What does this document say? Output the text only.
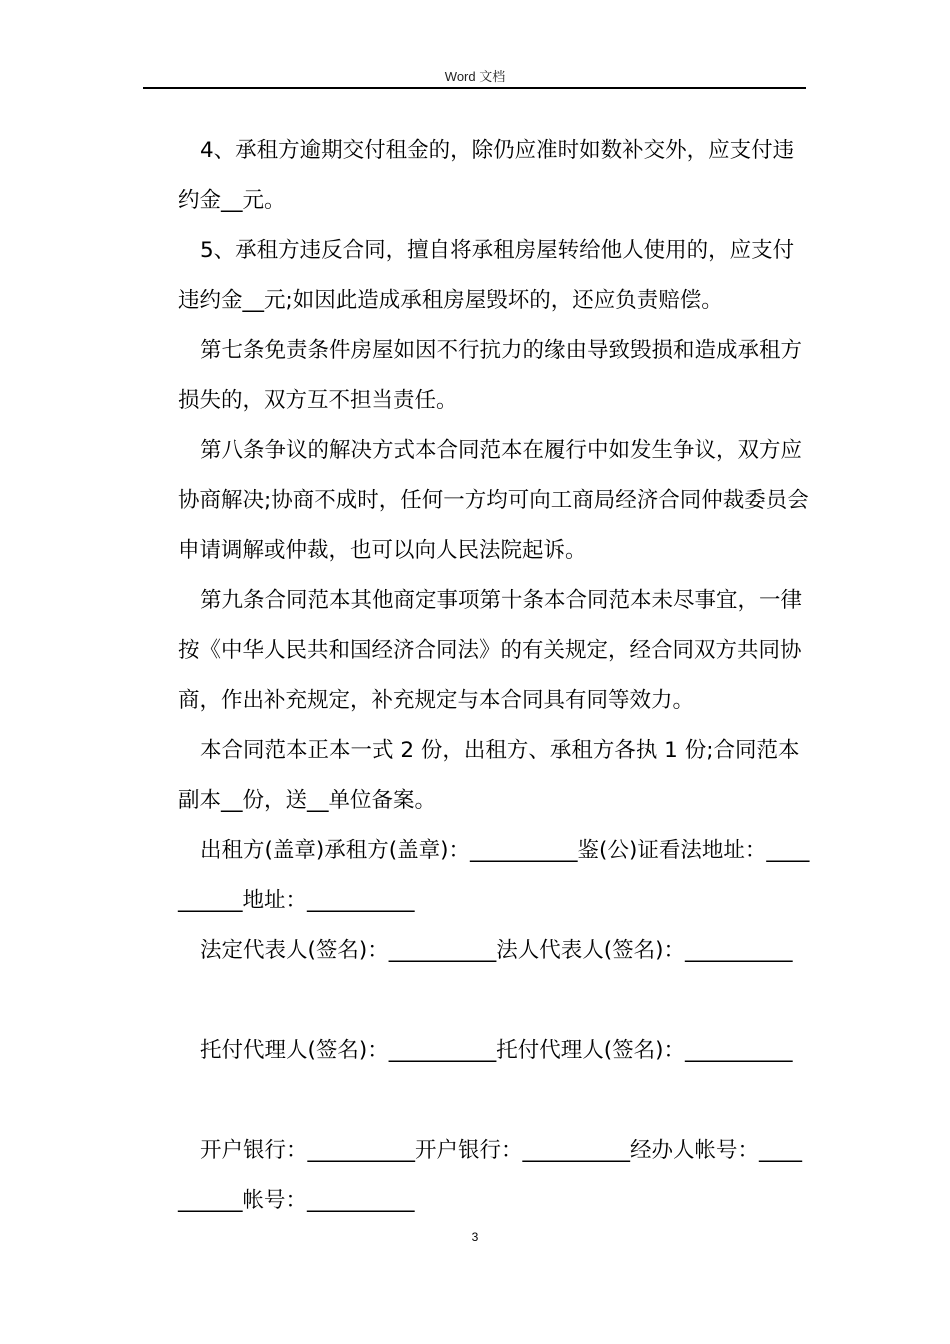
Word 文档

4、承租方逾期交付租金的，除仍应准时如数补交外，应支付违约金__元。

5、承租方违反合同，擅自将承租房屋转给他人使用的，应支付违约金__元;如因此造成承租房屋毁坏的，还应负责赔偿。

第七条免责条件房屋如因不行抗力的缘由导致毁损和造成承租方损失的，双方互不担当责任。

第八条争议的解决方式本合同范本在履行中如发生争议，双方应协商解决;协商不成时，任何一方均可向工商局经济合同仲裁委员会申请调解或仲裁，也可以向人民法院起诉。

第九条合同范本其他商定事项第十条本合同范本未尽事宜，一律按《中华人民共和国经济合同法》的有关规定，经合同双方共同协商，作出补充规定，补充规定与本合同具有同等效力。

本合同范本正本一式 2 份，出租方、承租方各执 1 份;合同范本副本__份，送__单位备案。

出租方(盖章)承租方(盖章)：__________鉴(公)证看法地址：__________地址：__________

法定代表人(签名)：__________法人代表人(签名)：__________

托付代理人(签名)：__________托付代理人(签名)：__________

开户银行：__________开户银行：__________经办人帐号：__________帐号：__________

3
